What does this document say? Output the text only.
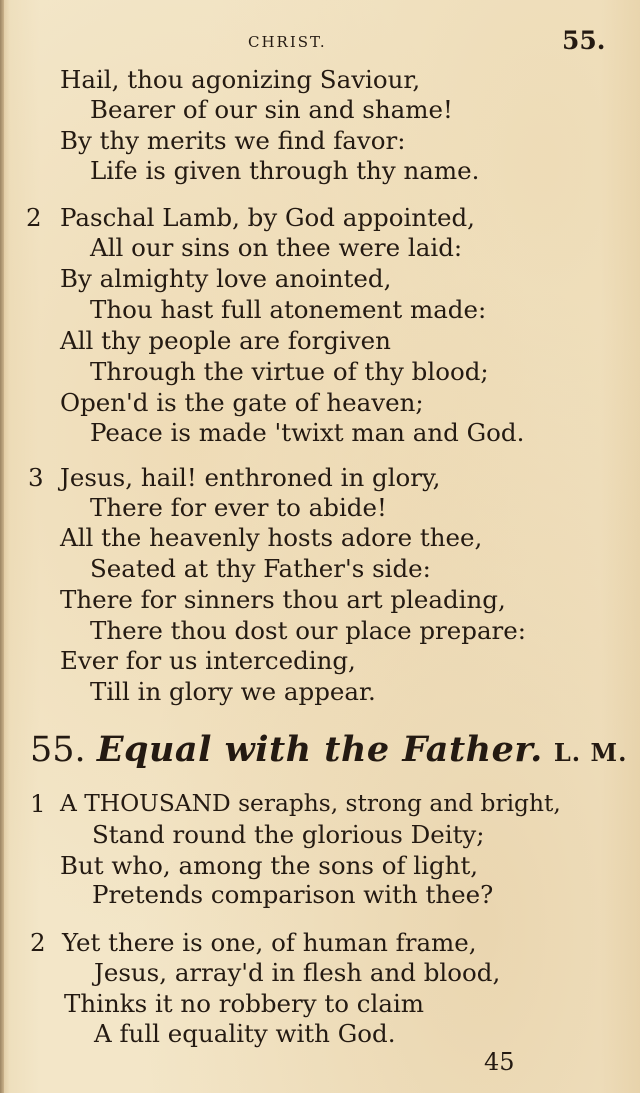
CHRIST.	55.
Hail, thou agonizing Saviour,
Bearer of our sin and shame!
By thy merits we find favor:
Life is given through thy name.
2 Paschal Lamb, by God appointed,
All our sins on thee were laid:
By almighty love anointed,
Thou hast full atonement made:
All thy people are forgiven
Through the virtue of thy blood;
Open'd is the gate of heaven;
Peace is made 'twixt man and God.
3 Jesus, hail! enthroned in glory,
There for ever to abide!
All the heavenly hosts adore thee,
Seated at thy Father's side:
There for sinners thou art pleading,
There thou dost our place prepare:
Ever for us interceding,
Till in glory we appear.
55. Equal with the Father. L. M.
1 A THOUSAND seraphs, strong and bright,
Stand round the glorious Deity;
But who, among the sons of light,
Pretends comparison with thee?
2 Yet there is one, of human frame,
Jesus, array'd in flesh and blood,
Thinks it no robbery to claim
A full equality with God.
45
